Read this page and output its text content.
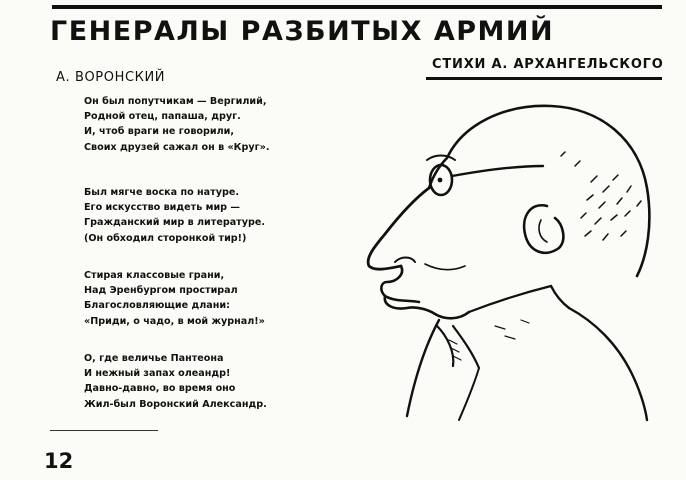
ГЕНЕРАЛЫ РАЗБИТЫХ АРМИЙ
СТИХИ А. АРХАНГЕЛЬСКОГО
А. ВОРОНСКИЙ
Он был попутчикам — Вергилий,
Родной отец, папаша, друг.
И, чтоб враги не говорили,
Своих друзей сажал он в «Круг».
Был мягче воска по натуре.
Его искусство видеть мир —
Гражданский мир в литературе.
(Он обходил сторонкой тир!)
Стирая классовые грани,
Над Эренбургом простирал
Благословляющие длани:
«Приди, о чадо, в мой журнал!»
О, где величье Пантеона
И нежный запах олеандр!
Давно-давно, во время оно
Жил-был Воронский Александр.
12
